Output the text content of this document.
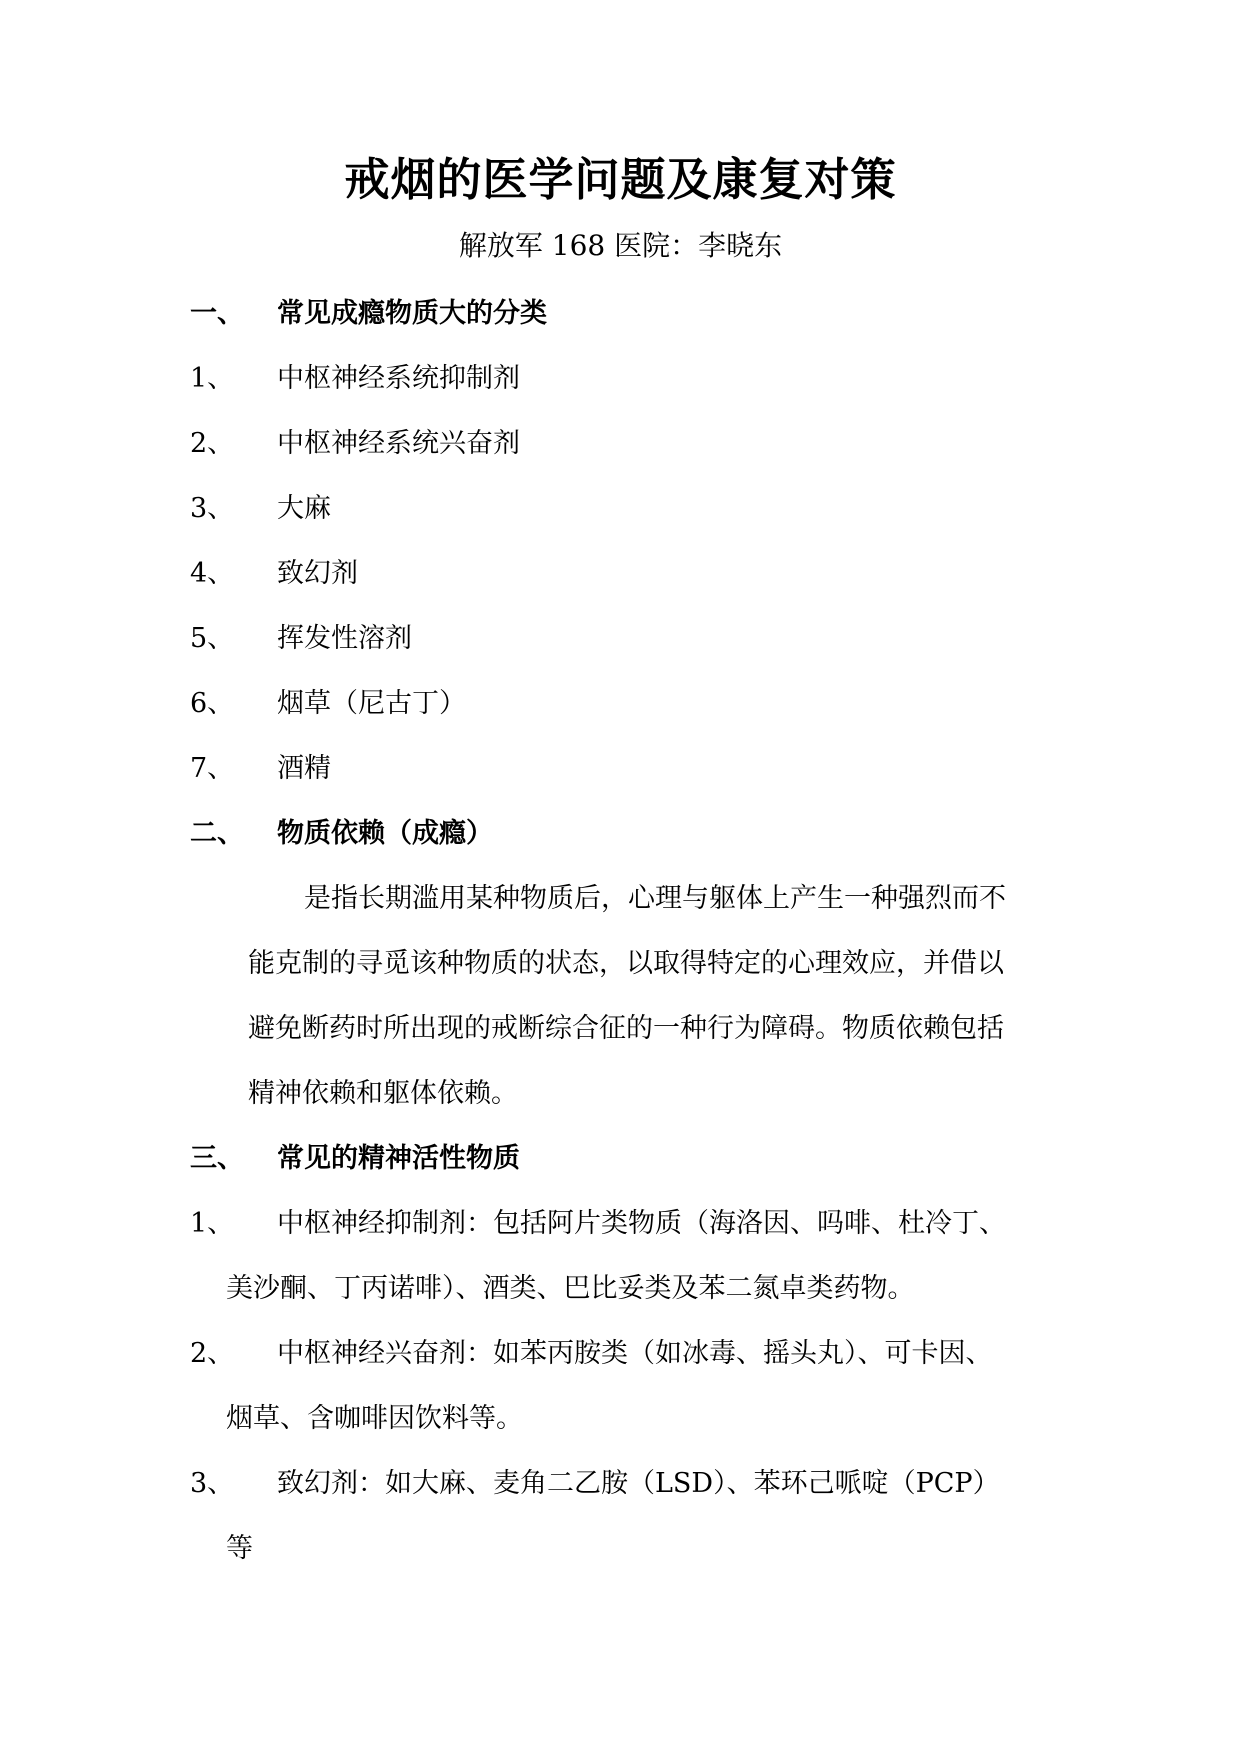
戒烟的医学问题及康复对策
解放军 168 医院：李晓东
一、 常见成瘾物质大的分类
1、 中枢神经系统抑制剂
2、 中枢神经系统兴奋剂
3、 大麻
4、 致幻剂
5、 挥发性溶剂
6、 烟草（尼古丁）
7、 酒精
二、 物质依赖（成瘾）
是指长期滥用某种物质后，心理与躯体上产生一种强烈而不
能克制的寻觅该种物质的状态，以取得特定的心理效应，并借以
避免断药时所出现的戒断综合征的一种行为障碍。物质依赖包括
精神依赖和躯体依赖。
三、 常见的精神活性物质
1、 中枢神经抑制剂：包括阿片类物质（海洛因、吗啡、杜冷丁、
美沙酮、丁丙诺啡）、酒类、巴比妥类及苯二氮卓类药物。
2、 中枢神经兴奋剂：如苯丙胺类（如冰毒、摇头丸）、可卡因、
烟草、含咖啡因饮料等。
3、 致幻剂：如大麻、麦角二乙胺（LSD）、苯环己哌啶（PCP）
等
